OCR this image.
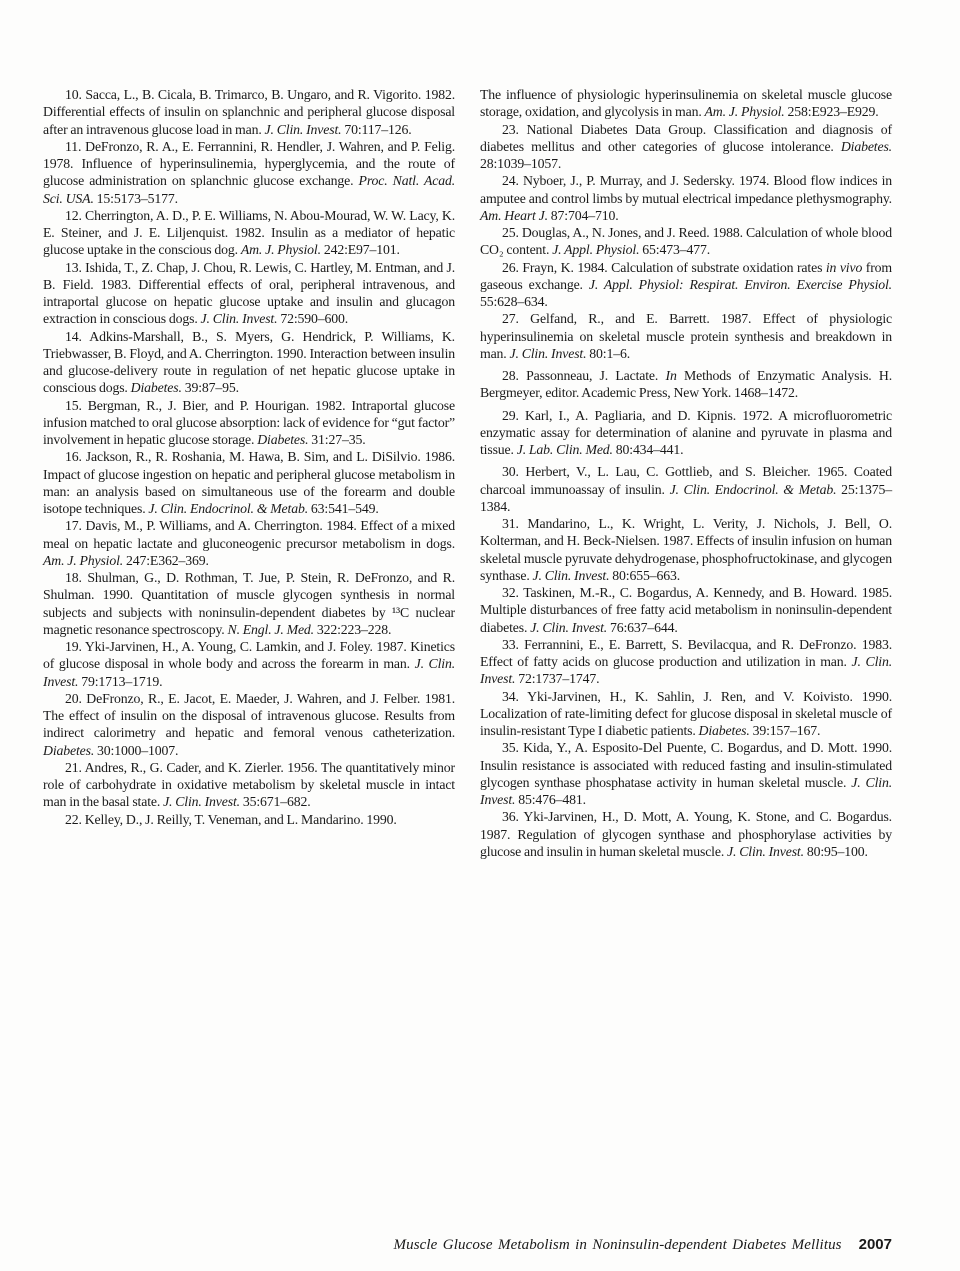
10. Sacca, L., B. Cicala, B. Trimarco, B. Ungaro, and R. Vigorito. 1982. Differential effects of insulin on splanchnic and peripheral glucose disposal after an intravenous glucose load in man. J. Clin. Invest. 70:117–126.

11. DeFronzo, R. A., E. Ferrannini, R. Hendler, J. Wahren, and P. Felig. 1978. Influence of hyperinsulinemia, hyperglycemia, and the route of glucose administration on splanchnic glucose exchange. Proc. Natl. Acad. Sci. USA. 15:5173–5177.

12. Cherrington, A. D., P. E. Williams, N. Abou-Mourad, W. W. Lacy, K. E. Steiner, and J. E. Liljenquist. 1982. Insulin as a mediator of hepatic glucose uptake in the conscious dog. Am. J. Physiol. 242:E97–101.

13. Ishida, T., Z. Chap, J. Chou, R. Lewis, C. Hartley, M. Entman, and J. B. Field. 1983. Differential effects of oral, peripheral intravenous, and intraportal glucose on hepatic glucose uptake and insulin and glucagon extraction in conscious dogs. J. Clin. Invest. 72:590–600.

14. Adkins-Marshall, B., S. Myers, G. Hendrick, P. Williams, K. Triebwasser, B. Floyd, and A. Cherrington. 1990. Interaction between insulin and glucose-delivery route in regulation of net hepatic glucose uptake in conscious dogs. Diabetes. 39:87–95.

15. Bergman, R., J. Bier, and P. Hourigan. 1982. Intraportal glucose infusion matched to oral glucose absorption: lack of evidence for “gut factor” involvement in hepatic glucose storage. Diabetes. 31:27–35.

16. Jackson, R., R. Roshania, M. Hawa, B. Sim, and L. DiSilvio. 1986. Impact of glucose ingestion on hepatic and peripheral glucose metabolism in man: an analysis based on simultaneous use of the forearm and double isotope techniques. J. Clin. Endocrinol. & Metab. 63:541–549.

17. Davis, M., P. Williams, and A. Cherrington. 1984. Effect of a mixed meal on hepatic lactate and gluconeogenic precursor metabolism in dogs. Am. J. Physiol. 247:E362–369.

18. Shulman, G., D. Rothman, T. Jue, P. Stein, R. DeFronzo, and R. Shulman. 1990. Quantitation of muscle glycogen synthesis in normal subjects and subjects with noninsulin-dependent diabetes by ¹³C nuclear magnetic resonance spectroscopy. N. Engl. J. Med. 322:223–228.

19. Yki-Jarvinen, H., A. Young, C. Lamkin, and J. Foley. 1987. Kinetics of glucose disposal in whole body and across the forearm in man. J. Clin. Invest. 79:1713–1719.

20. DeFronzo, R., E. Jacot, E. Maeder, J. Wahren, and J. Felber. 1981. The effect of insulin on the disposal of intravenous glucose. Results from indirect calorimetry and hepatic and femoral venous catheterization. Diabetes. 30:1000–1007.

21. Andres, R., G. Cader, and K. Zierler. 1956. The quantitatively minor role of carbohydrate in oxidative metabolism by skeletal muscle in intact man in the basal state. J. Clin. Invest. 35:671–682.

22. Kelley, D., J. Reilly, T. Veneman, and L. Mandarino. 1990.

The influence of physiologic hyperinsulinemia on skeletal muscle glucose storage, oxidation, and glycolysis in man. Am. J. Physiol. 258:E923–E929.

23. National Diabetes Data Group. Classification and diagnosis of diabetes mellitus and other categories of glucose intolerance. Diabetes. 28:1039–1057.

24. Nyboer, J., P. Murray, and J. Sedersky. 1974. Blood flow indices in amputee and control limbs by mutual electrical impedance plethysmography. Am. Heart J. 87:704–710.

25. Douglas, A., N. Jones, and J. Reed. 1988. Calculation of whole blood CO₂ content. J. Appl. Physiol. 65:473–477.

26. Frayn, K. 1984. Calculation of substrate oxidation rates in vivo from gaseous exchange. J. Appl. Physiol: Respirat. Environ. Exercise Physiol. 55:628–634.

27. Gelfand, R., and E. Barrett. 1987. Effect of physiologic hyperinsulinemia on skeletal muscle protein synthesis and breakdown in man. J. Clin. Invest. 80:1–6.

28. Passonneau, J. Lactate. In Methods of Enzymatic Analysis. H. Bergmeyer, editor. Academic Press, New York. 1468–1472.

29. Karl, I., A. Pagliaria, and D. Kipnis. 1972. A microfluorometric enzymatic assay for determination of alanine and pyruvate in plasma and tissue. J. Lab. Clin. Med. 80:434–441.

30. Herbert, V., L. Lau, C. Gottlieb, and S. Bleicher. 1965. Coated charcoal immunoassay of insulin. J. Clin. Endocrinol. & Metab. 25:1375–1384.

31. Mandarino, L., K. Wright, L. Verity, J. Nichols, J. Bell, O. Kolterman, and H. Beck-Nielsen. 1987. Effects of insulin infusion on human skeletal muscle pyruvate dehydrogenase, phosphofructokinase, and glycogen synthase. J. Clin. Invest. 80:655–663.

32. Taskinen, M.-R., C. Bogardus, A. Kennedy, and B. Howard. 1985. Multiple disturbances of free fatty acid metabolism in noninsulin-dependent diabetes. J. Clin. Invest. 76:637–644.

33. Ferrannini, E., E. Barrett, S. Bevilacqua, and R. DeFronzo. 1983. Effect of fatty acids on glucose production and utilization in man. J. Clin. Invest. 72:1737–1747.

34. Yki-Jarvinen, H., K. Sahlin, J. Ren, and V. Koivisto. 1990. Localization of rate-limiting defect for glucose disposal in skeletal muscle of insulin-resistant Type I diabetic patients. Diabetes. 39:157–167.

35. Kida, Y., A. Esposito-Del Puente, C. Bogardus, and D. Mott. 1990. Insulin resistance is associated with reduced fasting and insulin-stimulated glycogen synthase phosphatase activity in human skeletal muscle. J. Clin. Invest. 85:476–481.

36. Yki-Jarvinen, H., D. Mott, A. Young, K. Stone, and C. Bogardus. 1987. Regulation of glycogen synthase and phosphorylase activities by glucose and insulin in human skeletal muscle. J. Clin. Invest. 80:95–100.

Muscle Glucose Metabolism in Noninsulin-dependent Diabetes Mellitus 2007
